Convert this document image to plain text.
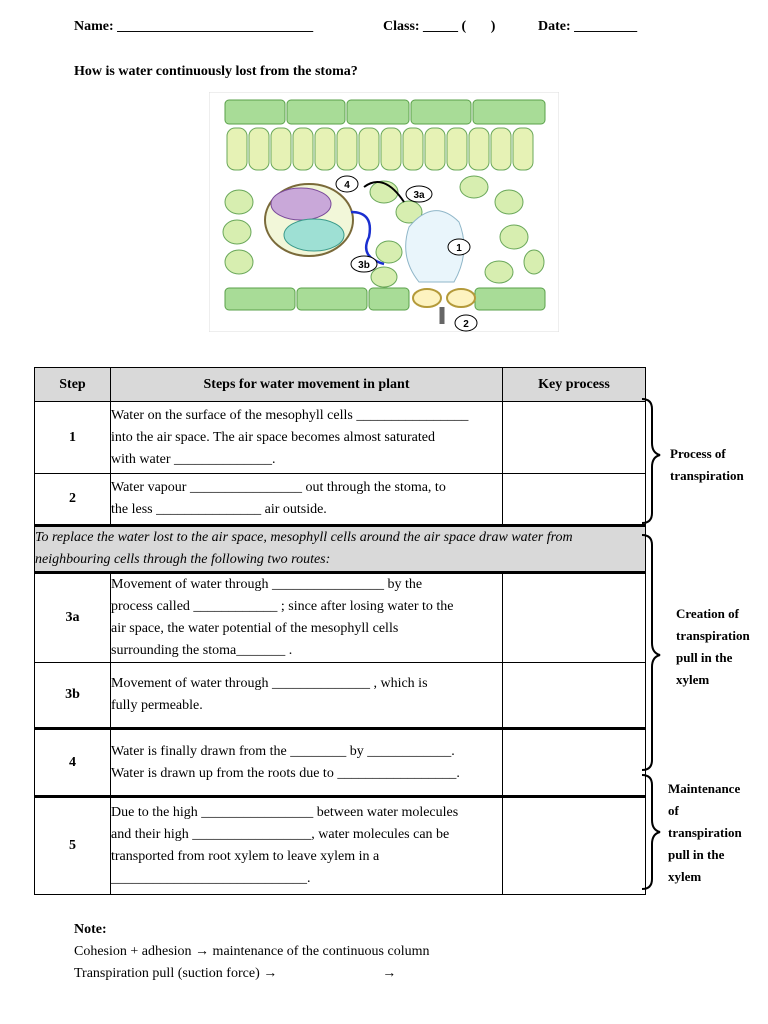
Name: ____________________________	Class: _____ (       )	Date: _________
How is water continuously lost from the stoma?
4
3a
1
3b
2
Step	Steps for water movement in plant	Key process
1	Water on the surface of the mesophyll cells ________________
into the air space. The air space becomes almost saturated
with water ______________.	

2	Water vapour ________________ out through the stoma, to
the less _______________ air outside.	

To replace the water lost to the air space, mesophyll cells around the air space draw water from
neighbouring cells through the following two routes:		

3a	Movement of water through ________________ by the
process called ____________ ; since after losing water to the
air space, the water potential of the mesophyll cells
surrounding the stoma_______ .	

3b	Movement of water through ______________ , which is
fully permeable.	

4	Water is finally drawn from the ________ by ____________.
Water is drawn up from the roots due to _________________.	

5	Due to the high ________________ between water molecules
and their high _________________, water molecules can be
transported from root xylem to leave xylem in a
____________________________.	

Process of
transpiration
Creation of
transpiration
pull in the
xylem
Maintenance
of
transpiration
pull in the
xylem
Note:
Cohesion + adhesion → maintenance of the continuous column
Transpiration pull (suction force) →                              →
